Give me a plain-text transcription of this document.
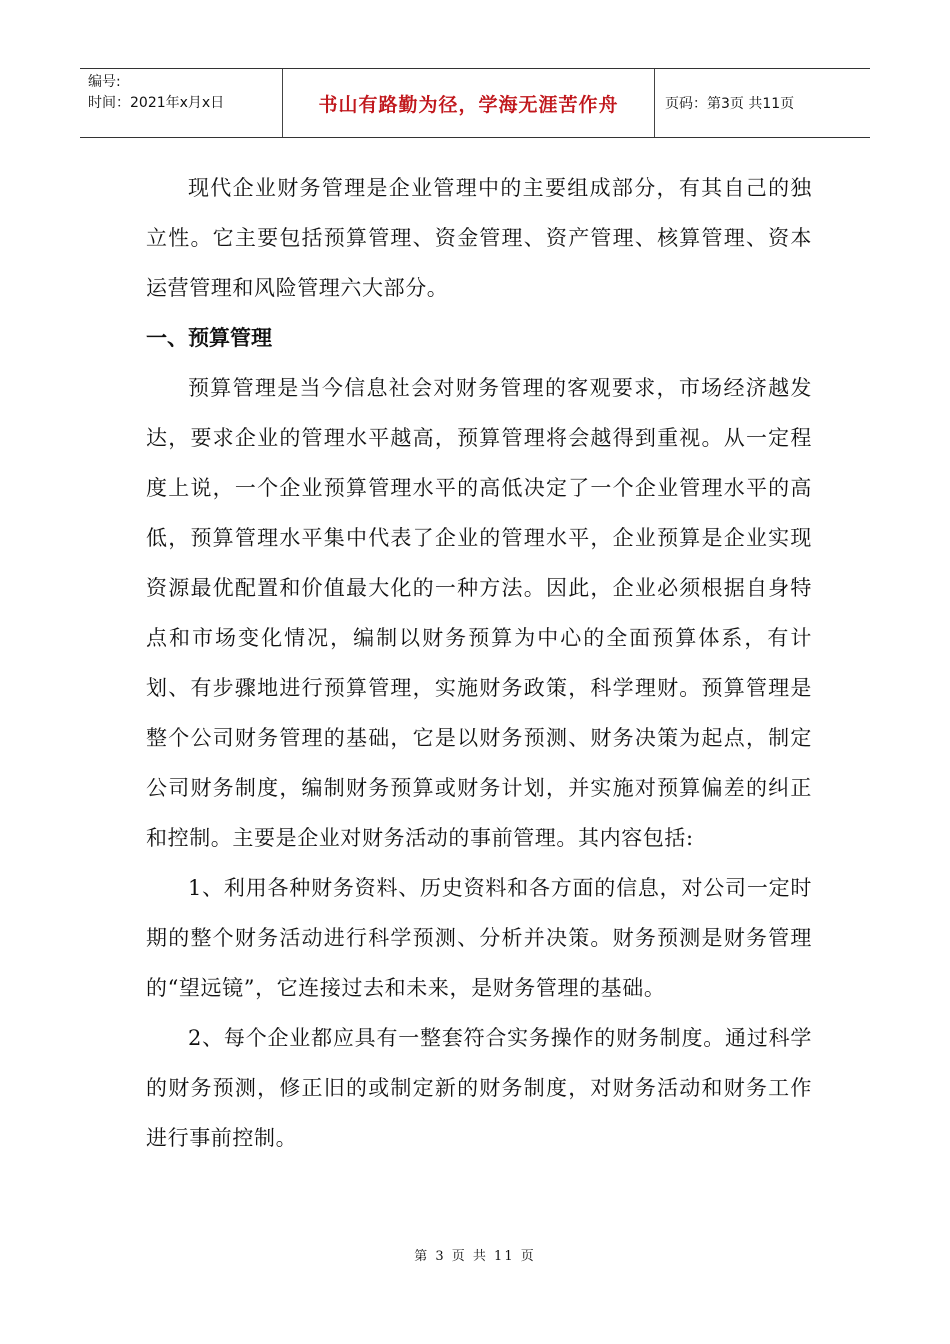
编号:
时间：2021年x月x日	书山有路勤为径，学海无涯苦作舟	页码：第3页 共11页

现代企业财务管理是企业管理中的主要组成部分，有其自己的独立性。它主要包括预算管理、资金管理、资产管理、核算管理、资本运营管理和风险管理六大部分。

一、预算管理

预算管理是当今信息社会对财务管理的客观要求，市场经济越发达，要求企业的管理水平越高，预算管理将会越得到重视。从一定程度上说，一个企业预算管理水平的高低决定了一个企业管理水平的高低，预算管理水平集中代表了企业的管理水平，企业预算是企业实现资源最优配置和价值最大化的一种方法。因此，企业必须根据自身特点和市场变化情况，编制以财务预算为中心的全面预算体系，有计划、有步骤地进行预算管理，实施财务政策，科学理财。预算管理是整个公司财务管理的基础，它是以财务预测、财务决策为起点，制定公司财务制度，编制财务预算或财务计划，并实施对预算偏差的纠正和控制。主要是企业对财务活动的事前管理。其内容包括:

1、利用各种财务资料、历史资料和各方面的信息，对公司一定时期的整个财务活动进行科学预测、分析并决策。财务预测是财务管理的“望远镜”，它连接过去和未来，是财务管理的基础。

2、每个企业都应具有一整套符合实务操作的财务制度。通过科学的财务预测，修正旧的或制定新的财务制度，对财务活动和财务工作进行事前控制。

第 3 页 共 11 页
